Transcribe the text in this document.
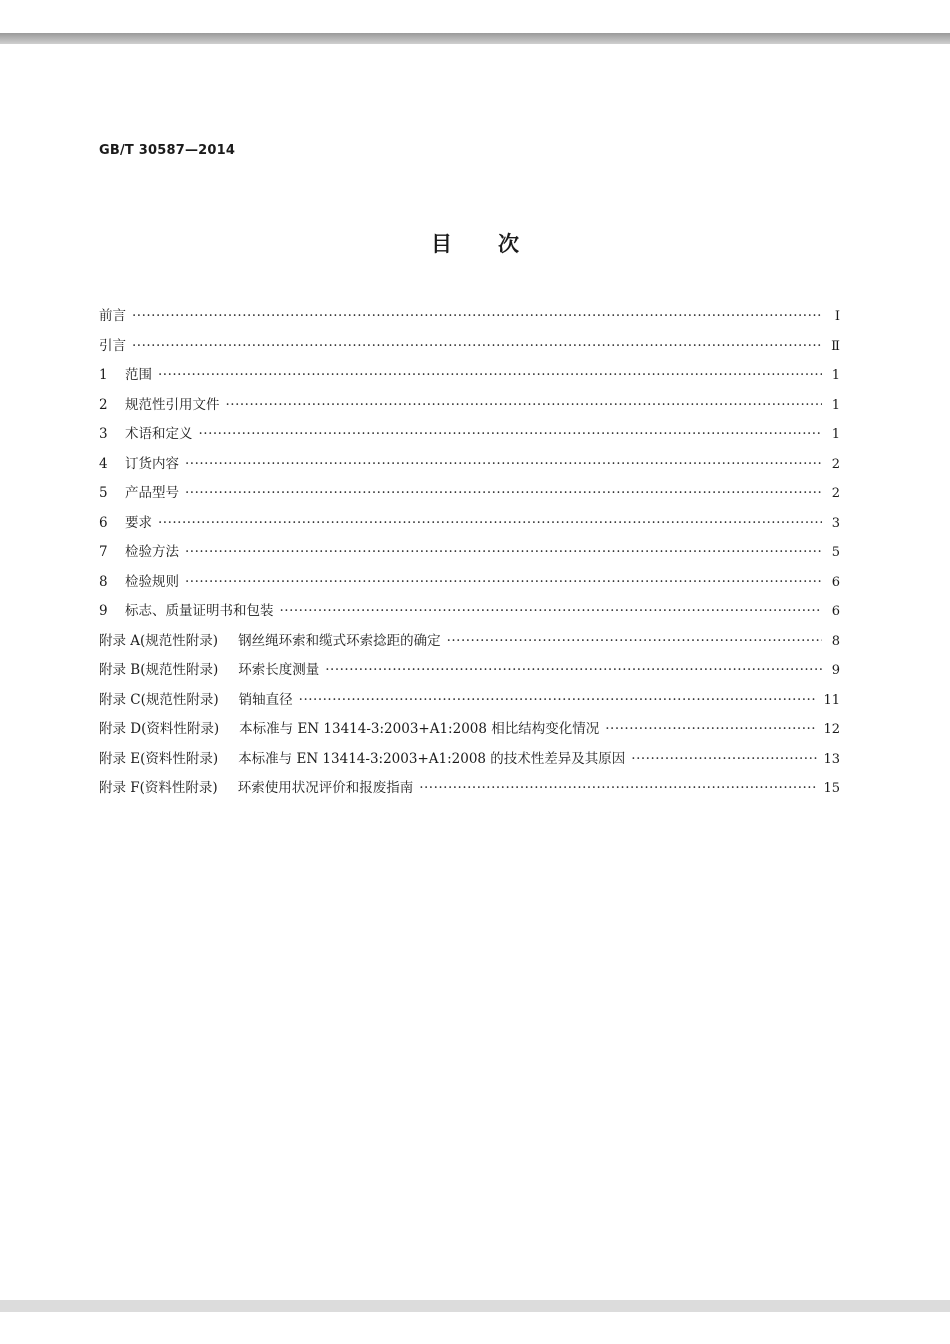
GB/T 30587—2014
目次
前言 ·····	Ⅰ
引言 ·····	Ⅱ
1	范围 ·····	1
2	规范性引用文件 ·····	1
3	术语和定义 ·····	1
4	订货内容 ·····	2
5	产品型号 ·····	2
6	要求 ·····	3
7	检验方法 ·····	5
8	检验规则 ·····	6
9	标志、质量证明书和包装 ·····	6
附录 A(规范性附录) 钢丝绳环索和缆式环索捻距的确定 ·····	8
附录 B(规范性附录) 环索长度测量 ·····	9
附录 C(规范性附录) 销轴直径 ·····	11
附录 D(资料性附录) 本标准与 EN 13414-3:2003+A1:2008 相比结构变化情况 ·····	12
附录 E(资料性附录) 本标准与 EN 13414-3:2003+A1:2008 的技术性差异及其原因 ·····	13
附录 F(资料性附录) 环索使用状况评价和报废指南 ·····	15
